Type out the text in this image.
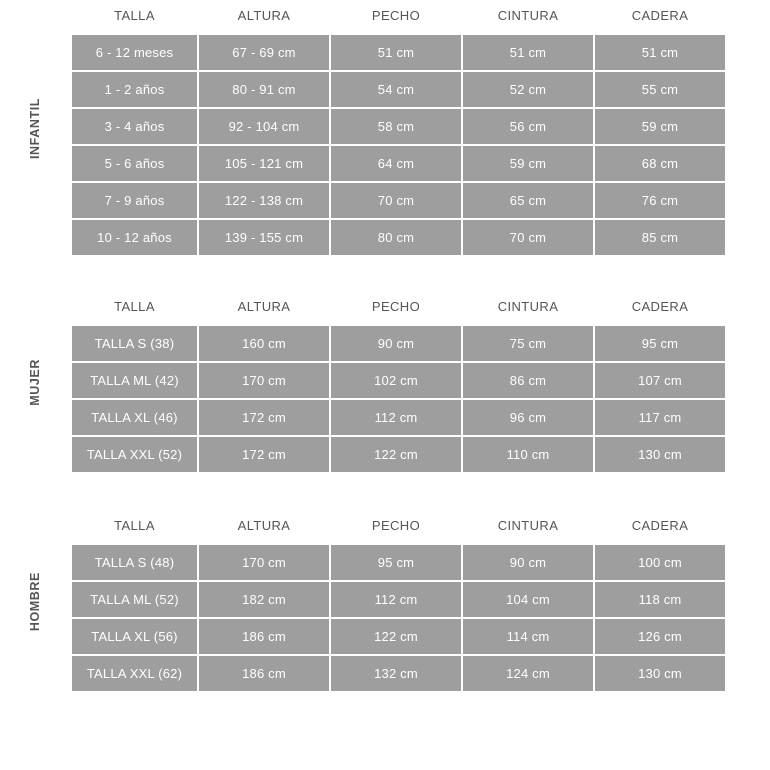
INFANTIL
TALLA	ALTURA	PECHO	CINTURA	CADERA
6 - 12 meses	67 - 69 cm	51 cm	51 cm	51 cm
1 - 2 años	80 - 91 cm	54 cm	52 cm	55 cm
3 - 4 años	92 - 104 cm	58 cm	56 cm	59 cm
5 - 6 años	105 - 121 cm	64 cm	59 cm	68 cm
7 - 9 años	122 - 138 cm	70 cm	65 cm	76 cm
10 - 12 años	139 - 155 cm	80 cm	70 cm	85 cm
MUJER
TALLA	ALTURA	PECHO	CINTURA	CADERA
TALLA S (38)	160 cm	90 cm	75 cm	95 cm
TALLA ML (42)	170 cm	102 cm	86 cm	107 cm
TALLA XL (46)	172 cm	112 cm	96 cm	117 cm
TALLA XXL (52)	172 cm	122 cm	110 cm	130 cm
HOMBRE
TALLA	ALTURA	PECHO	CINTURA	CADERA
TALLA S (48)	170 cm	95 cm	90 cm	100 cm
TALLA ML (52)	182 cm	112 cm	104 cm	118 cm
TALLA XL (56)	186 cm	122 cm	114 cm	126 cm
TALLA XXL (62)	186 cm	132 cm	124 cm	130 cm
